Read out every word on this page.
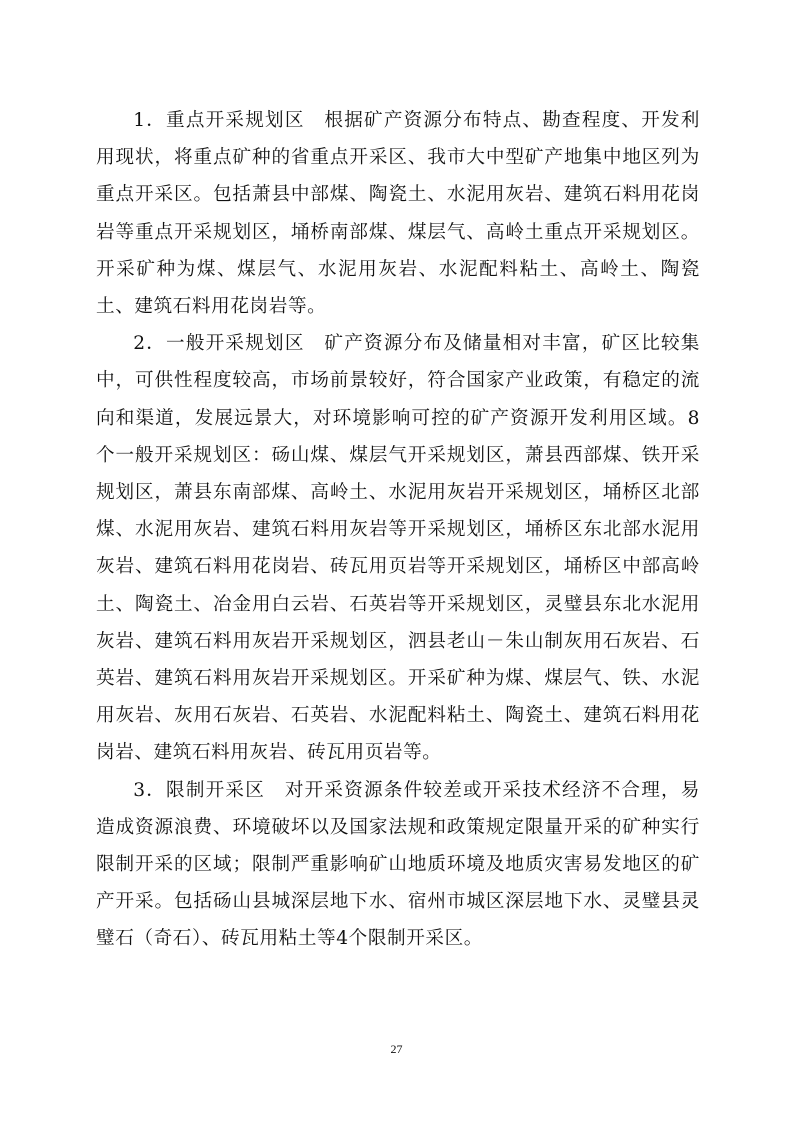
1．重点开采规划区  根据矿产资源分布特点、勘查程度、开发利用现状，将重点矿种的省重点开采区、我市大中型矿产地集中地区列为重点开采区。包括萧县中部煤、陶瓷土、水泥用灰岩、建筑石料用花岗岩等重点开采规划区，埇桥南部煤、煤层气、高岭土重点开采规划区。开采矿种为煤、煤层气、水泥用灰岩、水泥配料粘土、高岭土、陶瓷土、建筑石料用花岗岩等。

2．一般开采规划区  矿产资源分布及储量相对丰富，矿区比较集中，可供性程度较高，市场前景较好，符合国家产业政策，有稳定的流向和渠道，发展远景大，对环境影响可控的矿产资源开发利用区域。8个一般开采规划区：砀山煤、煤层气开采规划区，萧县西部煤、铁开采规划区，萧县东南部煤、高岭土、水泥用灰岩开采规划区，埇桥区北部煤、水泥用灰岩、建筑石料用灰岩等开采规划区，埇桥区东北部水泥用灰岩、建筑石料用花岗岩、砖瓦用页岩等开采规划区，埇桥区中部高岭土、陶瓷土、冶金用白云岩、石英岩等开采规划区，灵璧县东北水泥用灰岩、建筑石料用灰岩开采规划区，泗县老山－朱山制灰用石灰岩、石英岩、建筑石料用灰岩开采规划区。开采矿种为煤、煤层气、铁、水泥用灰岩、灰用石灰岩、石英岩、水泥配料粘土、陶瓷土、建筑石料用花岗岩、建筑石料用灰岩、砖瓦用页岩等。

3．限制开采区  对开采资源条件较差或开采技术经济不合理，易造成资源浪费、环境破坏以及国家法规和政策规定限量开采的矿种实行限制开采的区域；限制严重影响矿山地质环境及地质灾害易发地区的矿产开采。包括砀山县城深层地下水、宿州市城区深层地下水、灵璧县灵璧石（奇石）、砖瓦用粘土等4个限制开采区。

27
